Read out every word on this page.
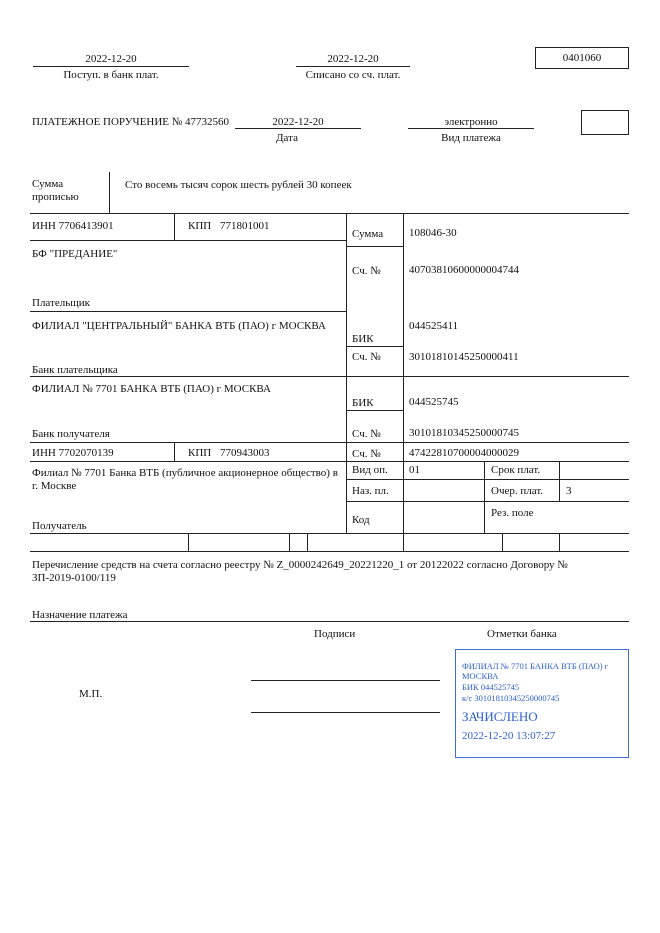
2022-12-20
Поступ. в банк плат.
2022-12-20
Списано со сч. плат.
0401060
ПЛАТЕЖНОЕ ПОРУЧЕНИЕ № 47732560	2022-12-20
Дата
электронно
Вид платежа
Сумма
прописью
Сто восемь тысяч сорок шесть рублей 30 копеек
ИНН 7706413901	КПП 771801001
Сумма 108046-30
БФ "ПРЕДАНИЕ"
Сч. №	40703810600000004744
Плательщик
ФИЛИАЛ "ЦЕНТРАЛЬНЫЙ" БАНКА ВТБ (ПАО) г МОСКВА	044525411
БИК
Сч. №	30101810145250000411
Банк плательщика
ФИЛИАЛ № 7701 БАНКА ВТБ (ПАО) г МОСКВА
БИК	044525745
Сч. №	30101810345250000745
Банк получателя
ИНН 7702070139	КПП 770943003	Сч. №	47422810700004000029
Филиал № 7701 Банка ВТБ (публичное акционерное общество) в г. Москве
Получатель
Вид оп. 01	Срок плат.
Наз. пл.	Очер. плат. 3
Код
Рез. поле
Перечисление средств на счета согласно реестру № Z_0000242649_20221220_1 от 20122022 согласно Договору № ЗП-2019-0100/119
Назначение платежа
Подписи	Отметки банка
М.П.
ФИЛИАЛ № 7701 БАНКА ВТБ (ПАО) г
МОСКВА
БИК 044525745
к/с 30101810345250000745
ЗАЧИСЛЕНО
2022-12-20 13:07:27
